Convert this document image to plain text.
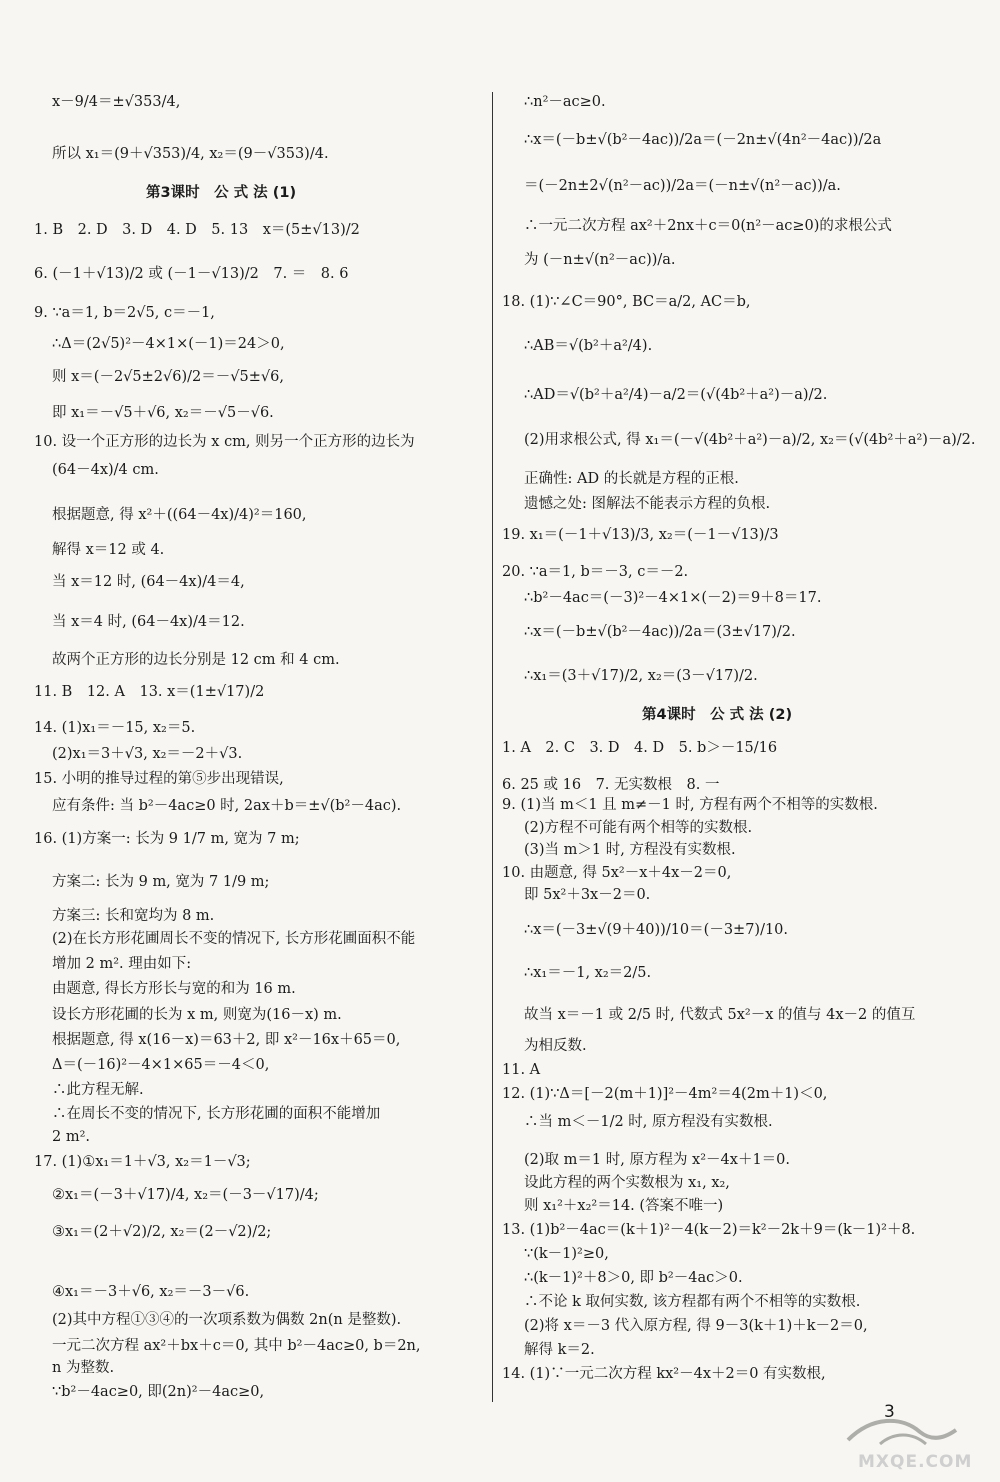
x－9/4＝±√353/4,
所以 x₁＝(9＋√353)/4, x₂＝(9－√353)/4.
第3课时　公 式 法 (1)
1. B　2. D　3. D　4. D　5. 13　x＝(5±√13)/2
6. (－1＋√13)/2 或 (－1－√13)/2　7. ＝　8. 6
9. ∵a＝1, b＝2√5, c＝－1,
∴Δ＝(2√5)²－4×1×(－1)＝24＞0,
则 x＝(－2√5±2√6)/2＝－√5±√6,
即 x₁＝－√5＋√6, x₂＝－√5－√6.
10. 设一个正方形的边长为 x cm, 则另一个正方形的边长为
(64－4x)/4 cm.
根据题意, 得 x²＋((64－4x)/4)²＝160,
解得 x＝12 或 4.
当 x＝12 时, (64－4x)/4＝4,
当 x＝4 时, (64－4x)/4＝12.
故两个正方形的边长分别是 12 cm 和 4 cm.
11. B　12. A　13. x＝(1±√17)/2
14. (1)x₁＝－15, x₂＝5.
(2)x₁＝3＋√3, x₂＝－2＋√3.
15. 小明的推导过程的第⑤步出现错误,
应有条件: 当 b²－4ac≥0 时, 2ax＋b＝±√(b²－4ac).
16. (1)方案一: 长为 9 1/7 m, 宽为 7 m;
方案二: 长为 9 m, 宽为 7 1/9 m;
方案三: 长和宽均为 8 m.
(2)在长方形花圃周长不变的情况下, 长方形花圃面积不能
增加 2 m². 理由如下:
由题意, 得长方形长与宽的和为 16 m.
设长方形花圃的长为 x m, 则宽为(16－x) m.
根据题意, 得 x(16－x)＝63＋2, 即 x²－16x＋65＝0,
Δ＝(－16)²－4×1×65＝－4＜0,
∴此方程无解.
∴在周长不变的情况下, 长方形花圃的面积不能增加
2 m².
17. (1)①x₁＝1＋√3, x₂＝1－√3;
②x₁＝(－3＋√17)/4, x₂＝(－3－√17)/4;
③x₁＝(2＋√2)/2, x₂＝(2－√2)/2;
④x₁＝－3＋√6, x₂＝－3－√6.
(2)其中方程①③④的一次项系数为偶数 2n(n 是整数).
一元二次方程 ax²＋bx＋c＝0, 其中 b²－4ac≥0, b＝2n,
n 为整数.
∵b²－4ac≥0, 即(2n)²－4ac≥0,
∴n²－ac≥0.
∴x＝(－b±√(b²－4ac))/2a＝(－2n±√(4n²－4ac))/2a
＝(－2n±2√(n²－ac))/2a＝(－n±√(n²－ac))/a.
∴一元二次方程 ax²＋2nx＋c＝0(n²－ac≥0)的求根公式
为 (－n±√(n²－ac))/a.
18. (1)∵∠C＝90°, BC＝a/2, AC＝b,
∴AB＝√(b²＋a²/4).
∴AD＝√(b²＋a²/4)－a/2＝(√(4b²＋a²)－a)/2.
(2)用求根公式, 得 x₁＝(－√(4b²＋a²)－a)/2, x₂＝(√(4b²＋a²)－a)/2.
正确性: AD 的长就是方程的正根.
遗憾之处: 图解法不能表示方程的负根.
19. x₁＝(－1＋√13)/3, x₂＝(－1－√13)/3
20. ∵a＝1, b＝－3, c＝－2.
∴b²－4ac＝(－3)²－4×1×(－2)＝9＋8＝17.
∴x＝(－b±√(b²－4ac))/2a＝(3±√17)/2.
∴x₁＝(3＋√17)/2, x₂＝(3－√17)/2.
第4课时　公 式 法 (2)
1. A　2. C　3. D　4. D　5. b＞－15/16
6. 25 或 16　7. 无实数根　8. 一
9. (1)当 m＜1 且 m≠－1 时, 方程有两个不相等的实数根.
(2)方程不可能有两个相等的实数根.
(3)当 m＞1 时, 方程没有实数根.
10. 由题意, 得 5x²－x＋4x－2＝0,
即 5x²＋3x－2＝0.
∴x＝(－3±√(9＋40))/10＝(－3±7)/10.
∴x₁＝－1, x₂＝2/5.
故当 x＝－1 或 2/5 时, 代数式 5x²－x 的值与 4x－2 的值互
为相反数.
11. A
12. (1)∵Δ＝[－2(m＋1)]²－4m²＝4(2m＋1)＜0,
∴当 m＜－1/2 时, 原方程没有实数根.
(2)取 m＝1 时, 原方程为 x²－4x＋1＝0.
设此方程的两个实数根为 x₁, x₂,
则 x₁²＋x₂²＝14. (答案不唯一)
13. (1)b²－4ac＝(k＋1)²－4(k－2)＝k²－2k＋9＝(k－1)²＋8.
∵(k－1)²≥0,
∴(k－1)²＋8＞0, 即 b²－4ac＞0.
∴不论 k 取何实数, 该方程都有两个不相等的实数根.
(2)将 x＝－3 代入原方程, 得 9－3(k＋1)＋k－2＝0,
解得 k＝2.
14. (1)∵一元二次方程 kx²－4x＋2＝0 有实数根,
3
MXQE.COM
